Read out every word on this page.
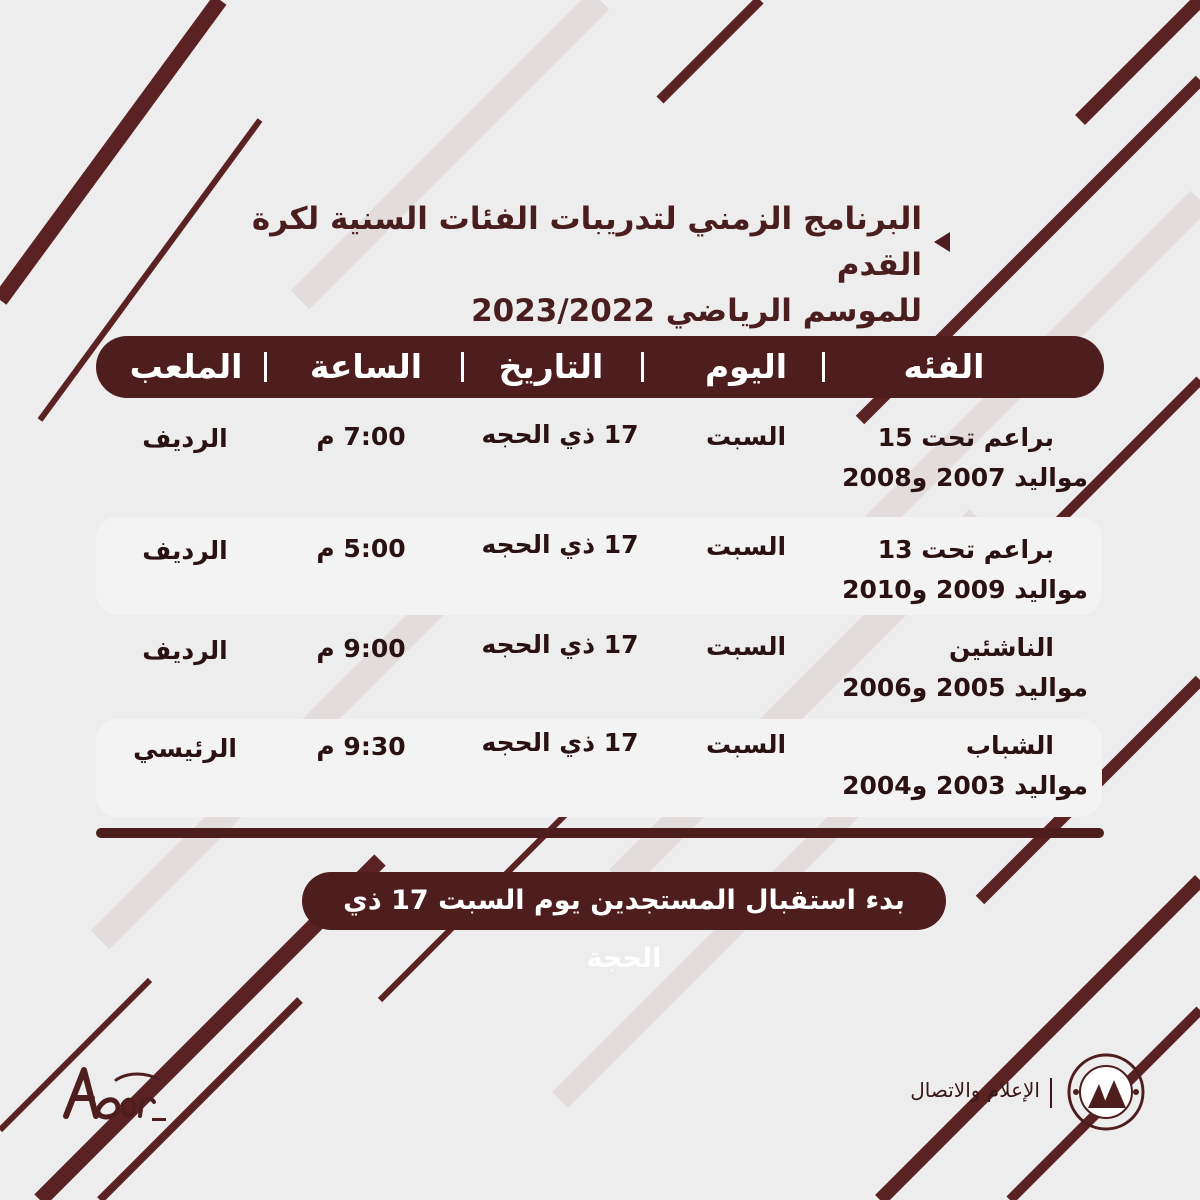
البرنامج الزمني لتدريبات الفئات السنية لكرة القدم
للموسم الرياضي 2023/2022
الفئه
اليوم
التاريخ
الساعة
الملعب
براعم تحت 15
مواليد 2007 و2008
السبت
17 ذي الحجه
7:00 م
الرديف
براعم تحت 13
مواليد 2009 و2010
السبت
17 ذي الحجه
5:00 م
الرديف
الناشئين
مواليد 2005 و2006
السبت
17 ذي الحجه
9:00 م
الرديف
الشباب
مواليد 2003 و2004
السبت
17 ذي الحجه
9:30 م
الرئيسي
بدء استقبال المستجدين يوم السبت 17 ذي الحجة
الإعلام والاتصال
